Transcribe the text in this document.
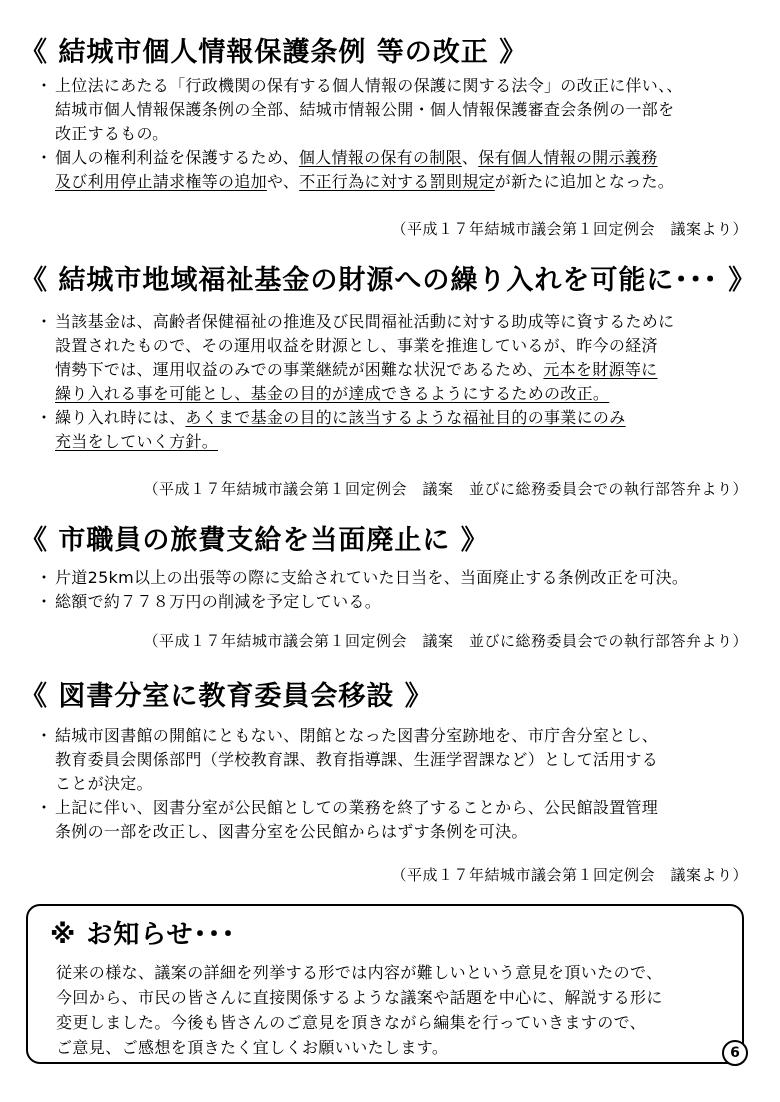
《 結城市個人情報保護条例 等の改正 》
・ 上位法にあたる「行政機関の保有する個人情報の保護に関する法令」の改正に伴い、、
結城市個人情報保護条例の全部、結城市情報公開・個人情報保護審査会条例の一部を
改正するもの。
・ 個人の権利利益を保護するため、個人情報の保有の制限、保有個人情報の開示義務
及び利用停止請求権等の追加や、不正行為に対する罰則規定が新たに追加となった。
（平成１７年結城市議会第１回定例会　議案より）
《 結城市地域福祉基金の財源への繰り入れを可能に･･･ 》
・ 当該基金は、高齢者保健福祉の推進及び民間福祉活動に対する助成等に資するために
設置されたもので、その運用収益を財源とし、事業を推進しているが、昨今の経済
情勢下では、運用収益のみでの事業継続が困難な状況であるため、元本を財源等に
繰り入れる事を可能とし、基金の目的が達成できるようにするための改正。
・ 繰り入れ時には、あくまで基金の目的に該当するような福祉目的の事業にのみ
充当をしていく方針。
（平成１７年結城市議会第１回定例会　議案　並びに総務委員会での執行部答弁より）
《 市職員の旅費支給を当面廃止に 》
・ 片道25km以上の出張等の際に支給されていた日当を、当面廃止する条例改正を可決。
・ 総額で約７７８万円の削減を予定している。
（平成１７年結城市議会第１回定例会　議案　並びに総務委員会での執行部答弁より）
《 図書分室に教育委員会移設 》
・ 結城市図書館の開館にともない、閉館となった図書分室跡地を、市庁舎分室とし、
教育委員会関係部門（学校教育課、教育指導課、生涯学習課など）として活用する
ことが決定。
・ 上記に伴い、図書分室が公民館としての業務を終了することから、公民館設置管理
条例の一部を改正し、図書分室を公民館からはずす条例を可決。
（平成１７年結城市議会第１回定例会　議案より）
※ お知らせ･･･

従来の様な、議案の詳細を列挙する形では内容が難しいという意見を頂いたので、
今回から、市民の皆さんに直接関係するような議案や話題を中心に、解説する形に
変更しました。今後も皆さんのご意見を頂きながら編集を行っていきますので、
ご意見、ご感想を頂きたく宜しくお願いいたします。	6
